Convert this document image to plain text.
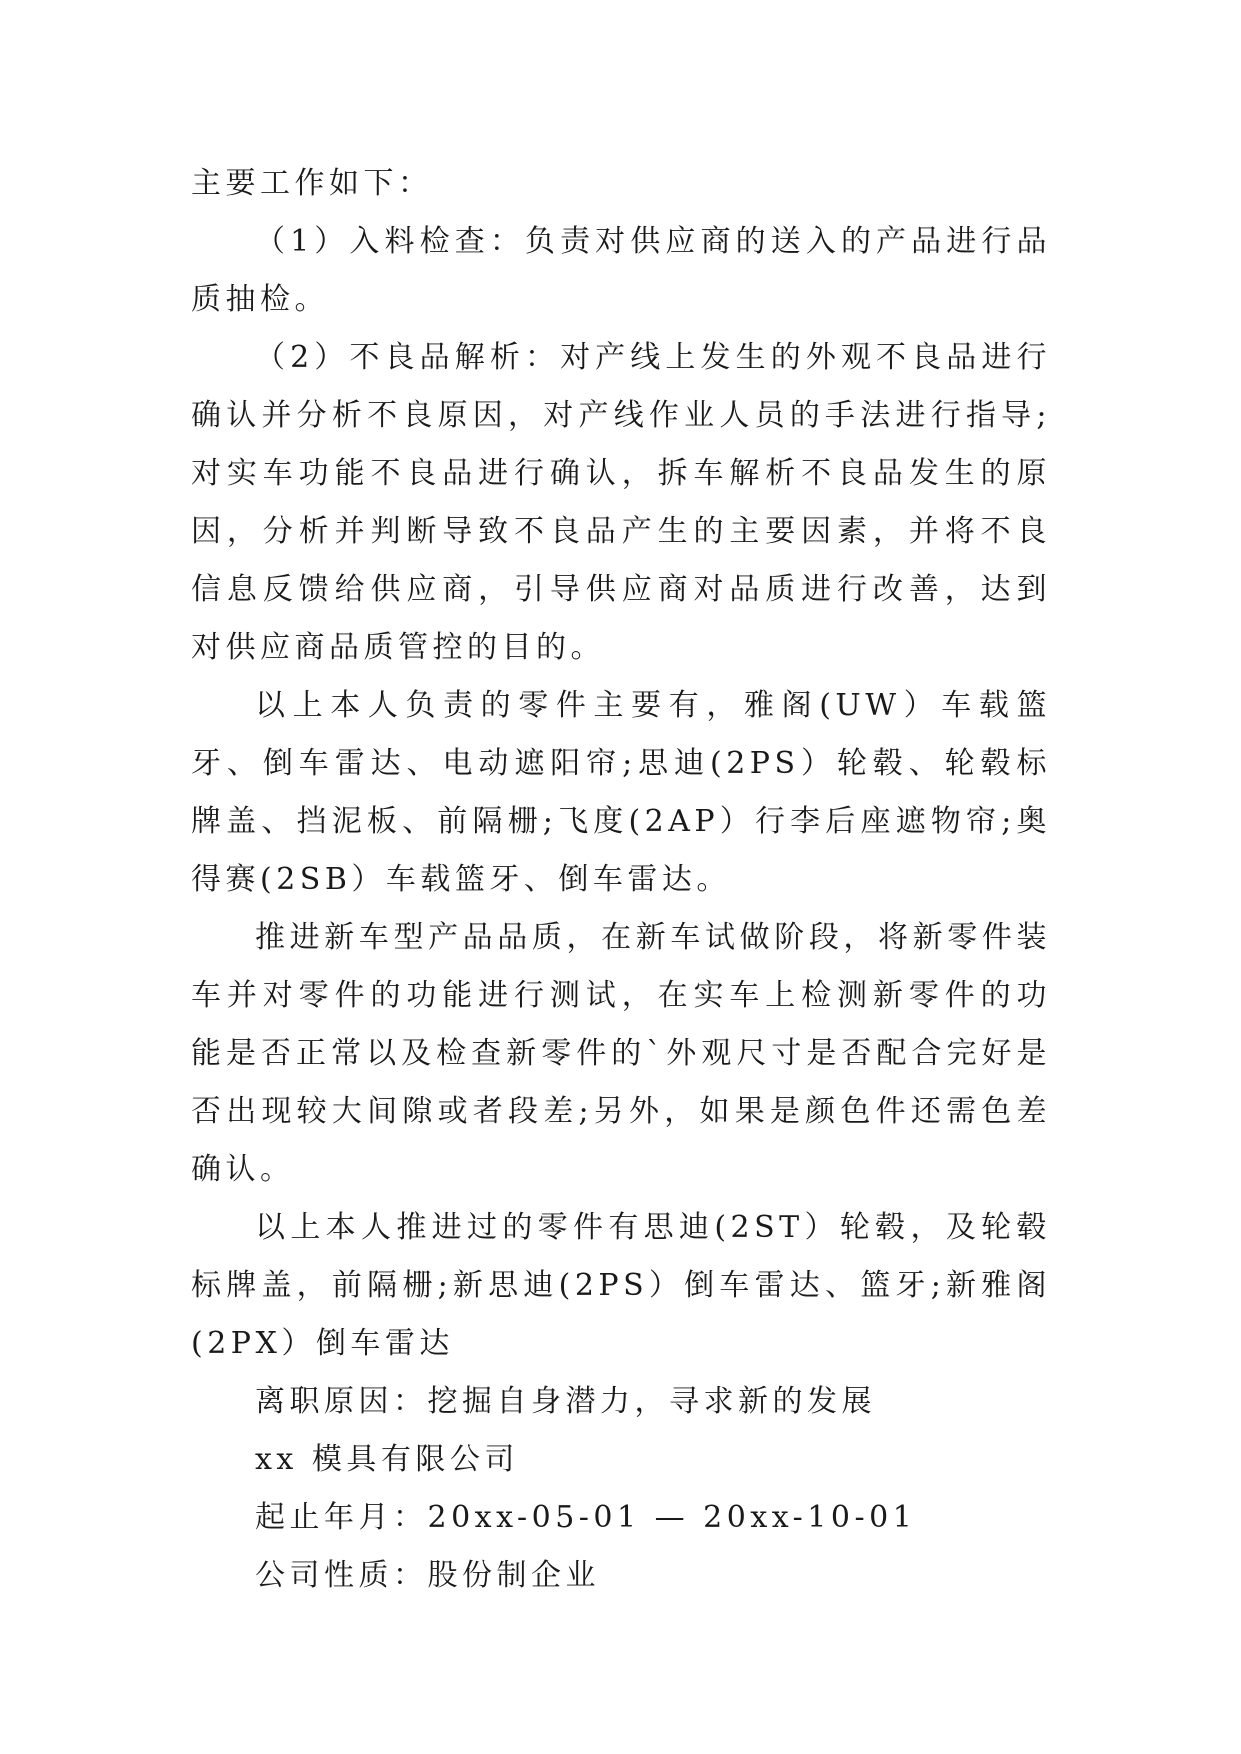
主要工作如下：

（1）入料检查：负责对供应商的送入的产品进行品质抽检。

（2）不良品解析：对产线上发生的外观不良品进行确认并分析不良原因，对产线作业人员的手法进行指导;对实车功能不良品进行确认，拆车解析不良品发生的原因，分析并判断导致不良品产生的主要因素，并将不良信息反馈给供应商，引导供应商对品质进行改善，达到对供应商品质管控的目的。

以上本人负责的零件主要有，雅阁(UW）车载篮牙、倒车雷达、电动遮阳帘;思迪(2PS）轮毂、轮毂标牌盖、挡泥板、前隔栅;飞度(2AP）行李后座遮物帘;奥得赛(2SB）车载篮牙、倒车雷达。

推进新车型产品品质，在新车试做阶段，将新零件装车并对零件的功能进行测试，在实车上检测新零件的功能是否正常以及检查新零件的`外观尺寸是否配合完好是否出现较大间隙或者段差;另外，如果是颜色件还需色差确认。

以上本人推进过的零件有思迪(2ST）轮毂，及轮毂标牌盖，前隔栅;新思迪(2PS）倒车雷达、篮牙;新雅阁(2PX）倒车雷达

离职原因：挖掘自身潜力，寻求新的发展

xx 模具有限公司

起止年月：20xx-05-01 — 20xx-10-01

公司性质：股份制企业
